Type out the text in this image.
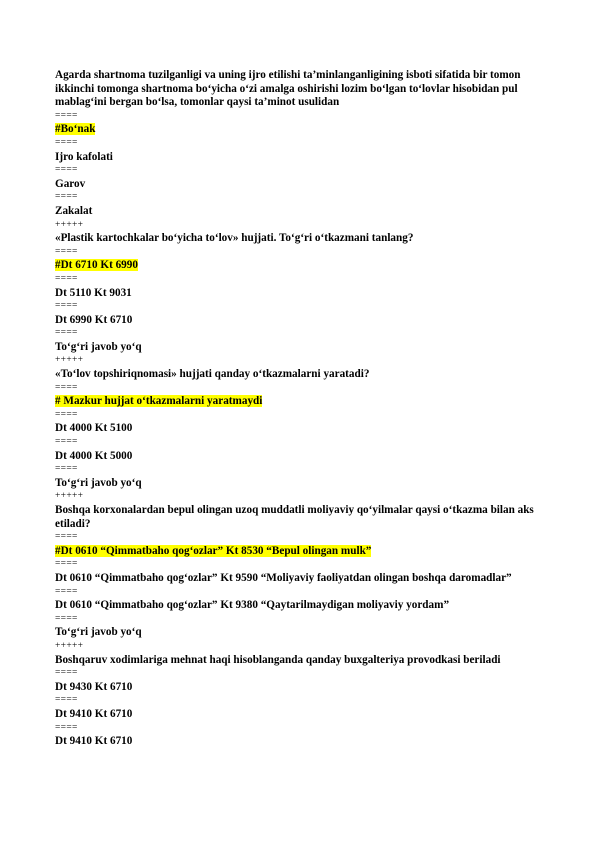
Agarda shartnoma tuzilganligi va uning ijro etilishi ta’minlanganligining isboti sifatida bir tomon ikkinchi tomonga shartnoma bo‘yicha o‘zi amalga oshirishi lozim bo‘lgan to‘lovlar hisobidan pul mablag‘ini bergan bo‘lsa, tomonlar qaysi ta’minot usulidan
====
#Bo‘nak
====
Ijro kafolati
====
Garov
====
Zakalat
+++++
«Plastik kartochkalar bo‘yicha to‘lov» hujjati. To‘g‘ri o‘tkazmani tanlang?
====
#Dt 6710 Kt 6990
====
Dt 5110 Kt 9031
====
Dt 6990 Kt 6710
====
To‘g‘ri javob yo‘q
+++++
«To‘lov topshiriqnomasi» hujjati qanday o‘tkazmalarni yaratadi?
====
# Mazkur hujjat o‘tkazmalarni yaratmaydi
====
Dt 4000 Kt 5100
====
Dt 4000 Kt 5000
====
To‘g‘ri javob yo‘q
+++++
Boshqa korxonalardan bepul olingan uzoq muddatli moliyaviy qo‘yilmalar qaysi o‘tkazma bilan aks etiladi?
====
#Dt 0610 “Qimmatbaho qog‘ozlar” Kt 8530 “Bepul olingan mulk”
====
Dt 0610 “Qimmatbaho qog‘ozlar” Kt 9590 “Moliyaviy faoliyatdan olingan boshqa daromadlar”
====
Dt 0610 “Qimmatbaho qog‘ozlar” Kt 9380 “Qaytarilmaydigan moliyaviy yordam”
====
To‘g‘ri javob yo‘q
+++++
Boshqaruv xodimlariga mehnat haqi hisoblanganda qanday buxgalteriya provodkasi beriladi
====
Dt 9430 Kt 6710
====
Dt 9410 Kt 6710
====
Dt 9410 Kt 6710
